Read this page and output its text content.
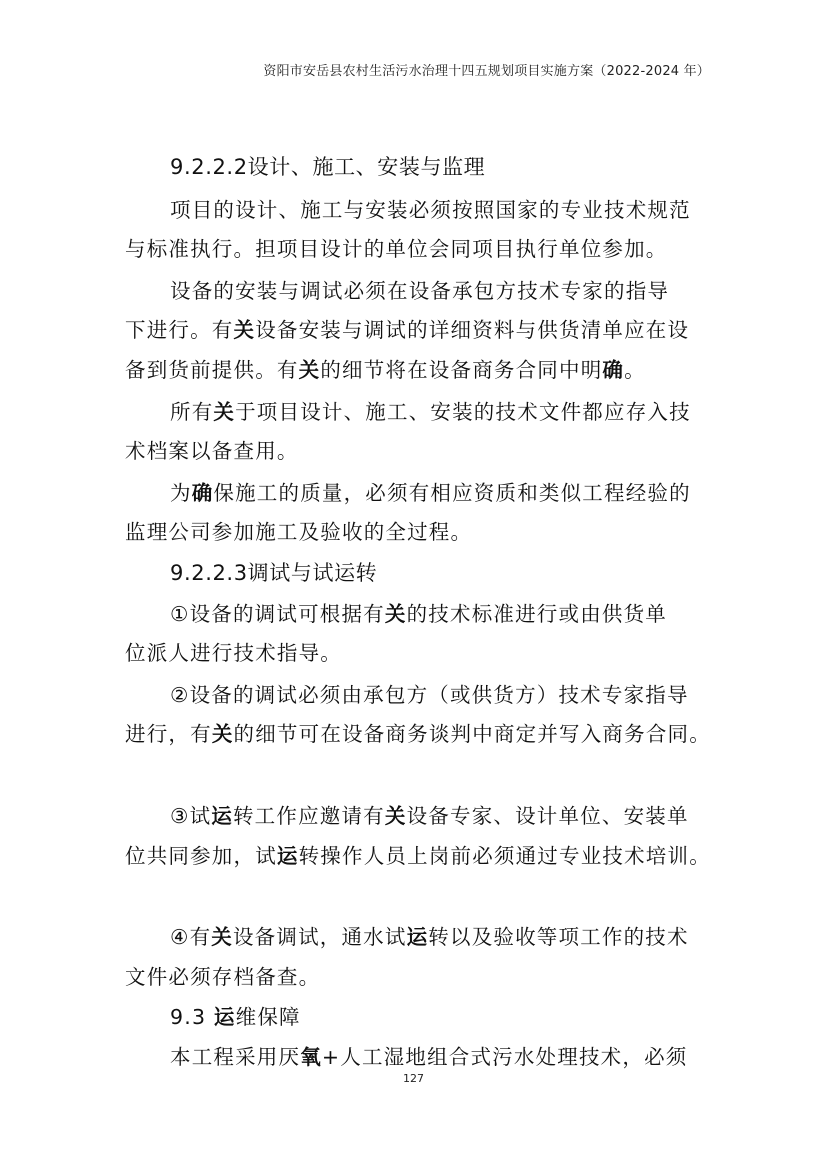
资阳市安岳县农村生活污水治理十四五规划项目实施方案（2022-2024 年）
9.2.2.2设计、施工、安装与监理
项目的设计、施工与安装必须按照国家的专业技术规范
与标准执行。担项目设计的单位会同项目执行单位参加。
设备的安装与调试必须在设备承包方技术专家的指导
下进行。有关设备安装与调试的详细资料与供货清单应在设
备到货前提供。有关的细节将在设备商务合同中明确。
所有关于项目设计、施工、安装的技术文件都应存入技
术档案以备查用。
为确保施工的质量，必须有相应资质和类似工程经验的
监理公司参加施工及验收的全过程。
9.2.2.3调试与试运转
①设备的调试可根据有关的技术标准进行或由供货单
位派人进行技术指导。
②设备的调试必须由承包方（或供货方）技术专家指导
进行，有关的细节可在设备商务谈判中商定并写入商务合同。
③试运转工作应邀请有关设备专家、设计单位、安装单
位共同参加，试运转操作人员上岗前必须通过专业技术培训。
④有关设备调试，通水试运转以及验收等项工作的技术
文件必须存档备查。
9.3 运维保障
本工程采用厌氧+人工湿地组合式污水处理技术，必须
127
